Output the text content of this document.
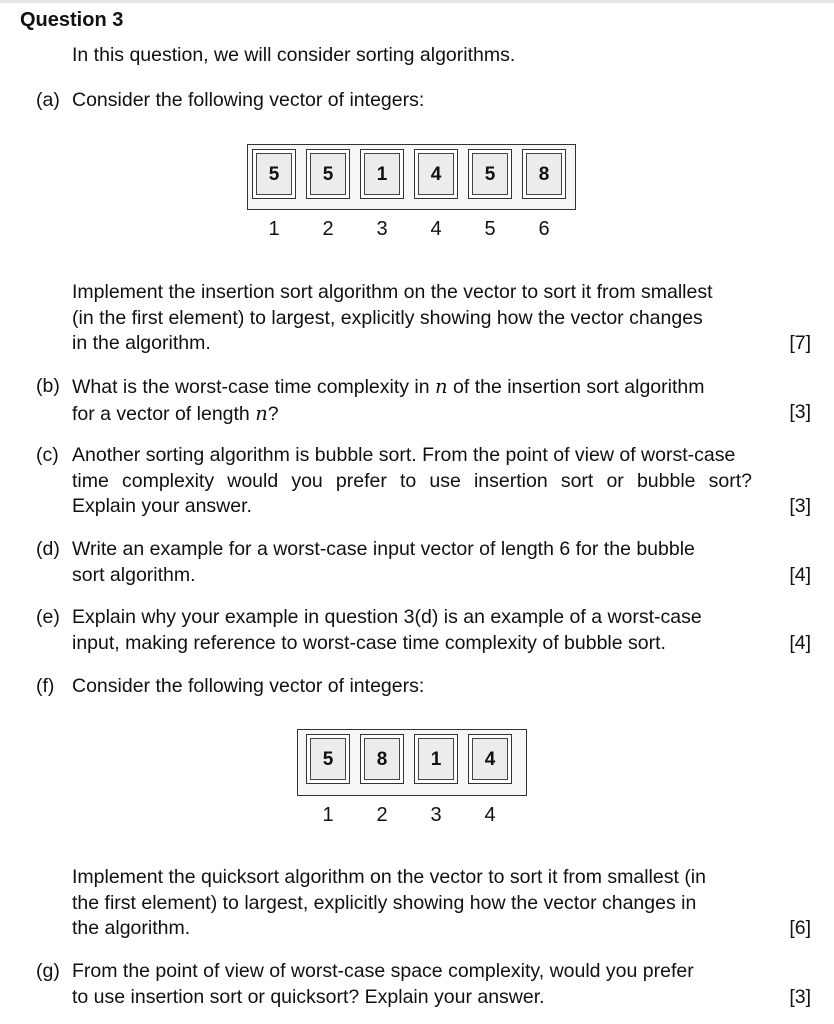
Question 3
In this question, we will consider sorting algorithms.
(a) Consider the following vector of integers:
5	5	1	4	5	8
1	2	3	4	5	6
Implement the insertion sort algorithm on the vector to sort it from smallest
(in the first element) to largest, explicitly showing how the vector changes
in the algorithm.	[7]
(b) What is the worst-case time complexity in n of the insertion sort algorithm
for a vector of length n?	[3]
(c) Another sorting algorithm is bubble sort. From the point of view of worst-case
time complexity would you prefer to use insertion sort or bubble sort?
Explain your answer.	[3]
(d) Write an example for a worst-case input vector of length 6 for the bubble
sort algorithm.	[4]
(e) Explain why your example in question 3(d) is an example of a worst-case
input, making reference to worst-case time complexity of bubble sort.	[4]
(f) Consider the following vector of integers:
5	8	1	4
1	2	3	4
Implement the quicksort algorithm on the vector to sort it from smallest (in
the first element) to largest, explicitly showing how the vector changes in
the algorithm.	[6]
(g) From the point of view of worst-case space complexity, would you prefer
to use insertion sort or quicksort? Explain your answer.	[3]
